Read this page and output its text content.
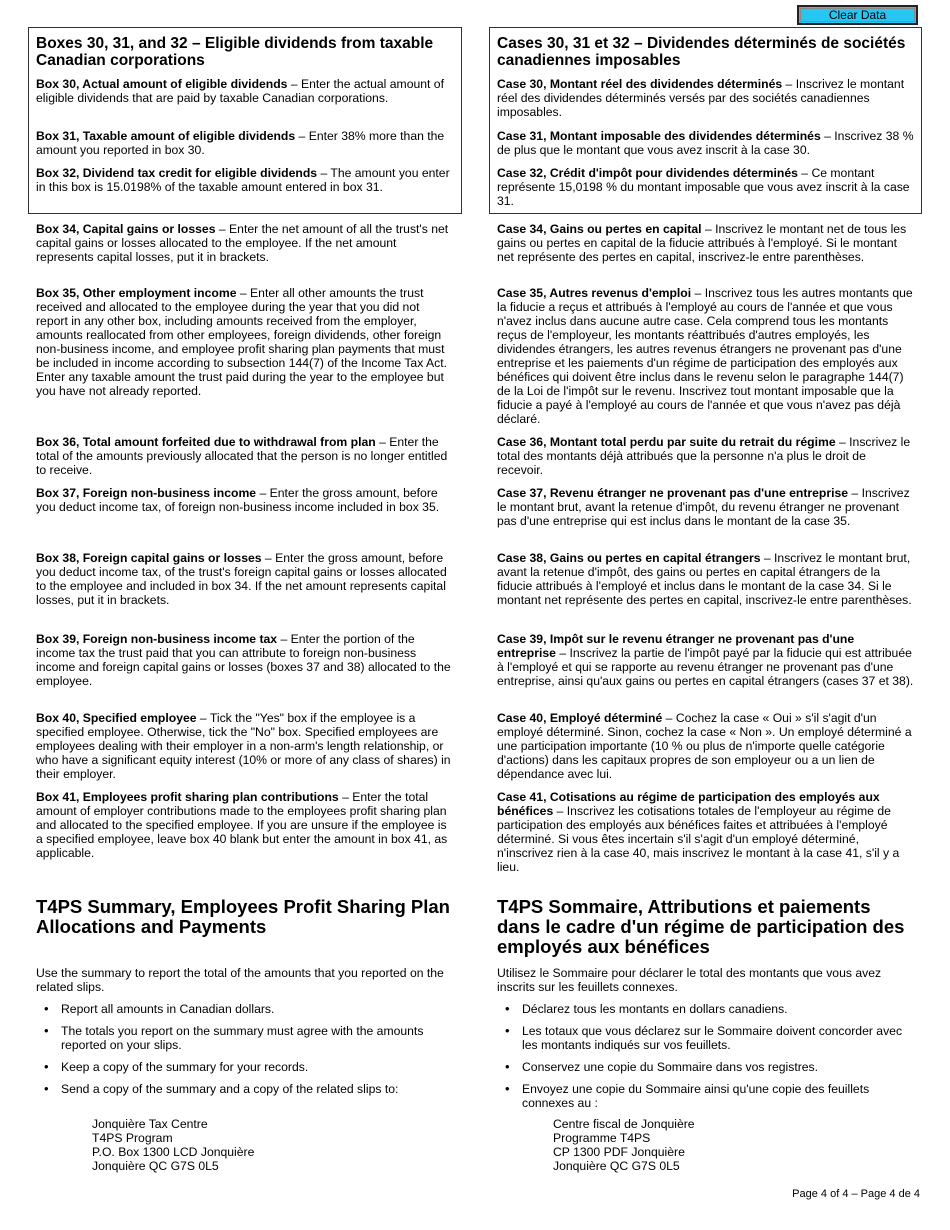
Clear Data

Boxes 30, 31, and 32 – Eligible dividends from taxable Canadian corporations

Box 30, Actual amount of eligible dividends – Enter the actual amount of eligible dividends that are paid by taxable Canadian corporations.

Box 31, Taxable amount of eligible dividends – Enter 38% more than the amount you reported in box 30.

Box 32, Dividend tax credit for eligible dividends – The amount you enter in this box is 15.0198% of the taxable amount entered in box 31.

Box 34, Capital gains or losses – Enter the net amount of all the trust's net capital gains or losses allocated to the employee. If the net amount represents capital losses, put it in brackets.

Box 35, Other employment income – Enter all other amounts the trust received and allocated to the employee during the year that you did not report in any other box, including amounts received from the employer, amounts reallocated from other employees, foreign dividends, other foreign non-business income, and employee profit sharing plan payments that must be included in income according to subsection 144(7) of the Income Tax Act. Enter any taxable amount the trust paid during the year to the employee but you have not already reported.

Box 36, Total amount forfeited due to withdrawal from plan – Enter the total of the amounts previously allocated that the person is no longer entitled to receive.

Box 37, Foreign non-business income – Enter the gross amount, before you deduct income tax, of foreign non-business income included in box 35.

Box 38, Foreign capital gains or losses – Enter the gross amount, before you deduct income tax, of the trust's foreign capital gains or losses allocated to the employee and included in box 34. If the net amount represents capital losses, put it in brackets.

Box 39, Foreign non-business income tax – Enter the portion of the income tax the trust paid that you can attribute to foreign non-business income and foreign capital gains or losses (boxes 37 and 38) allocated to the employee.

Box 40, Specified employee – Tick the "Yes" box if the employee is a specified employee. Otherwise, tick the "No" box. Specified employees are employees dealing with their employer in a non-arm's length relationship, or who have a significant equity interest (10% or more of any class of shares) in their employer.

Box 41, Employees profit sharing plan contributions – Enter the total amount of employer contributions made to the employees profit sharing plan and allocated to the specified employee. If you are unsure if the employee is a specified employee, leave box 40 blank but enter the amount in box 41, as applicable.

T4PS Summary, Employees Profit Sharing Plan Allocations and Payments

Use the summary to report the total of the amounts that you reported on the related slips.

• Report all amounts in Canadian dollars.
• The totals you report on the summary must agree with the amounts reported on your slips.
• Keep a copy of the summary for your records.
• Send a copy of the summary and a copy of the related slips to:
Jonquière Tax Centre
T4PS Program
P.O. Box 1300 LCD Jonquière
Jonquière QC G7S 0L5

Cases 30, 31 et 32 – Dividendes déterminés de sociétés canadiennes imposables

Case 30, Montant réel des dividendes déterminés – Inscrivez le montant réel des dividendes déterminés versés par des sociétés canadiennes imposables.

Case 31, Montant imposable des dividendes déterminés – Inscrivez 38 % de plus que le montant que vous avez inscrit à la case 30.

Case 32, Crédit d'impôt pour dividendes déterminés – Ce montant représente 15,0198 % du montant imposable que vous avez inscrit à la case 31.

Case 34, Gains ou pertes en capital – Inscrivez le montant net de tous les gains ou pertes en capital de la fiducie attribués à l'employé. Si le montant net représente des pertes en capital, inscrivez-le entre parenthèses.

Case 35, Autres revenus d'emploi – Inscrivez tous les autres montants que la fiducie a reçus et attribués à l'employé au cours de l'année et que vous n'avez inclus dans aucune autre case. Cela comprend tous les montants reçus de l'employeur, les montants réattribués d'autres employés, les dividendes étrangers, les autres revenus étrangers ne provenant pas d'une entreprise et les paiements d'un régime de participation des employés aux bénéfices qui doivent être inclus dans le revenu selon le paragraphe 144(7) de la Loi de l'impôt sur le revenu. Inscrivez tout montant imposable que la fiducie a payé à l'employé au cours de l'année et que vous n'avez pas déjà déclaré.

Case 36, Montant total perdu par suite du retrait du régime – Inscrivez le total des montants déjà attribués que la personne n'a plus le droit de recevoir.

Case 37, Revenu étranger ne provenant pas d'une entreprise – Inscrivez le montant brut, avant la retenue d'impôt, du revenu étranger ne provenant pas d'une entreprise qui est inclus dans le montant de la case 35.

Case 38, Gains ou pertes en capital étrangers – Inscrivez le montant brut, avant la retenue d'impôt, des gains ou pertes en capital étrangers de la fiducie attribués à l'employé et inclus dans le montant de la case 34. Si le montant net représente des pertes en capital, inscrivez-le entre parenthèses.

Case 39, Impôt sur le revenu étranger ne provenant pas d'une entreprise – Inscrivez la partie de l'impôt payé par la fiducie qui est attribuée à l'employé et qui se rapporte au revenu étranger ne provenant pas d'une entreprise, ainsi qu'aux gains ou pertes en capital étrangers (cases 37 et 38).

Case 40, Employé déterminé – Cochez la case « Oui » s'il s'agit d'un employé déterminé. Sinon, cochez la case « Non ». Un employé déterminé a une participation importante (10 % ou plus de n'importe quelle catégorie d'actions) dans les capitaux propres de son employeur ou a un lien de dépendance avec lui.

Case 41, Cotisations au régime de participation des employés aux bénéfices – Inscrivez les cotisations totales de l'employeur au régime de participation des employés aux bénéfices faites et attribuées à l'employé déterminé. Si vous êtes incertain s'il s'agit d'un employé déterminé, n'inscrivez rien à la case 40, mais inscrivez le montant à la case 41, s'il y a lieu.

T4PS Sommaire, Attributions et paiements dans le cadre d'un régime de participation des employés aux bénéfices

Utilisez le Sommaire pour déclarer le total des montants que vous avez inscrits sur les feuillets connexes.

• Déclarez tous les montants en dollars canadiens.
• Les totaux que vous déclarez sur le Sommaire doivent concorder avec les montants indiqués sur vos feuillets.
• Conservez une copie du Sommaire dans vos registres.
• Envoyez une copie du Sommaire ainsi qu'une copie des feuillets connexes au :
Centre fiscal de Jonquière
Programme T4PS
CP 1300 PDF Jonquière
Jonquière QC G7S 0L5
Page 4 of 4 – Page 4 de 4
